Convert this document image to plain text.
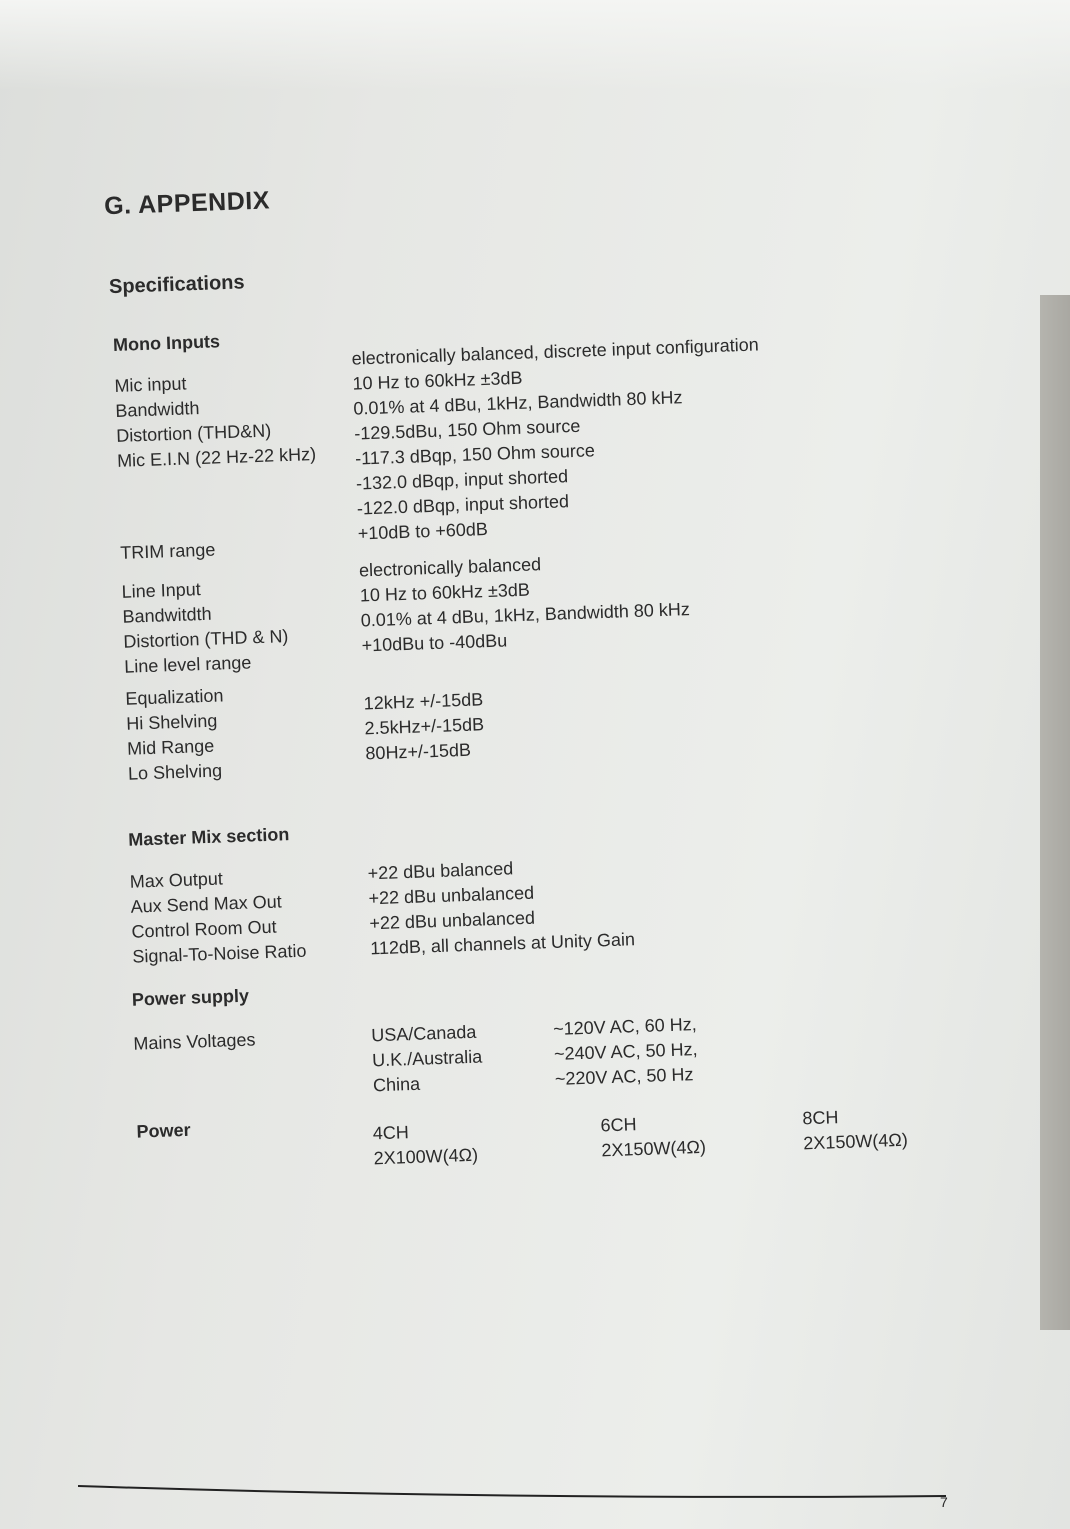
G. APPENDIX
Specifications
Mono Inputs
Mic input
Bandwidth
Distortion (THD&N)
Mic E.I.N (22 Hz-22 kHz)
electronically balanced, discrete input configuration
10 Hz to 60kHz ±3dB
0.01% at 4 dBu, 1kHz, Bandwidth 80 kHz
-129.5dBu, 150 Ohm source
-117.3 dBqp, 150 Ohm source
-132.0 dBqp, input shorted
-122.0 dBqp, input shorted
+10dB to +60dB
TRIM range
Line Input
Bandwitdth
Distortion (THD & N)
Line level range
electronically balanced
10 Hz to 60kHz ±3dB
0.01% at 4 dBu, 1kHz, Bandwidth 80 kHz
+10dBu to -40dBu
Equalization
Hi Shelving
Mid Range
Lo Shelving
12kHz +/-15dB
2.5kHz+/-15dB
80Hz+/-15dB
Master Mix section
Max Output
Aux Send Max Out
Control Room Out
Signal-To-Noise Ratio
+22 dBu balanced
+22 dBu unbalanced
+22 dBu unbalanced
112dB, all channels at Unity Gain
Power supply
Mains Voltages	USA/Canada
U.K./Australia
China
~120V AC, 60 Hz,
~240V AC, 50 Hz,
~220V AC, 50 Hz
Power	4CH
2X100W(4Ω)
6CH
2X150W(4Ω)
8CH
2X150W(4Ω)
7
